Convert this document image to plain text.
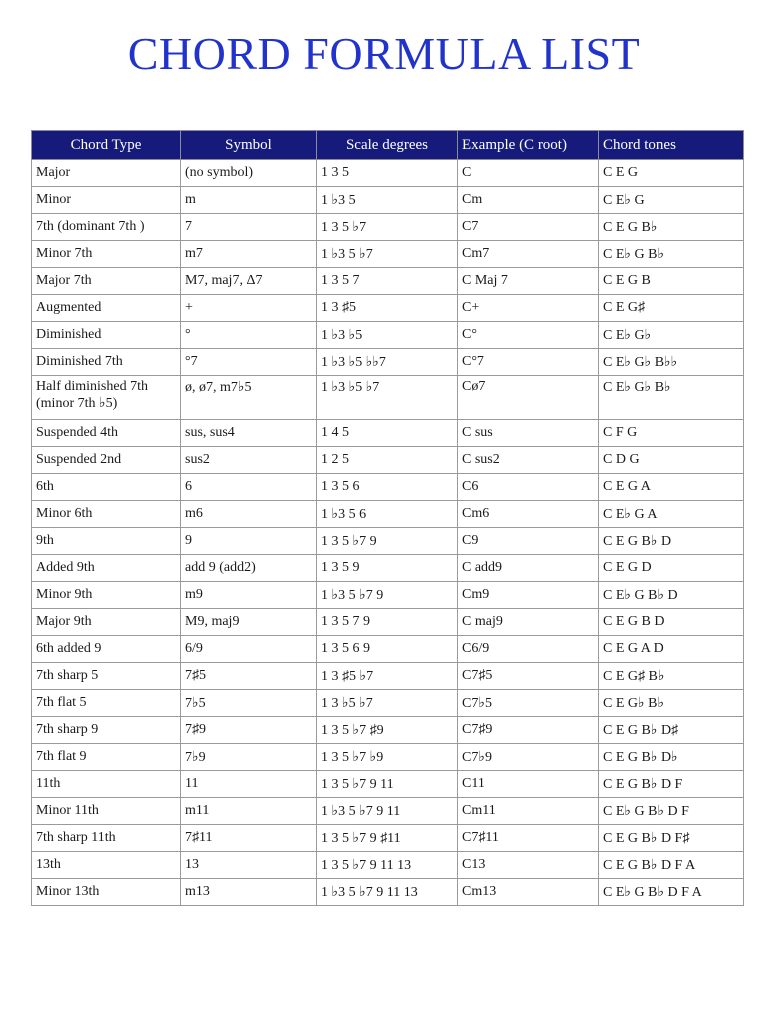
CHORD FORMULA LIST
Chord Type	Symbol	Scale degrees	Example (C root)	Chord tones
Major	(no symbol)	1 3 5	C	C E G
Minor	m	1 ♭3 5	Cm	C E♭ G
7th (dominant 7th )	7	1 3 5 ♭7	C7	C E G B♭
Minor 7th	m7	1 ♭3 5 ♭7	Cm7	C E♭ G B♭
Major 7th	M7, maj7, Δ7	1 3 5 7	C Maj 7	C E G B
Augmented	+	1 3 ♯5	C+	C E G♯
Diminished	°	1 ♭3 ♭5	C°	C E♭ G♭
Diminished 7th	°7	1 ♭3 ♭5 ♭♭7	C°7	C E♭ G♭ B♭♭
Half diminished 7th (minor 7th ♭5)	ø, ø7, m7♭5	1 ♭3 ♭5 ♭7	Cø7	C E♭ G♭ B♭
Suspended 4th	sus, sus4	1 4 5	C sus	C F G
Suspended 2nd	sus2	1 2 5	C sus2	C D G
6th	6	1 3 5 6	C6	C E G A
Minor 6th	m6	1 ♭3 5 6	Cm6	C E♭ G A
9th	9	1 3 5 ♭7 9	C9	C E G B♭ D
Added 9th	add 9 (add2)	1 3 5 9	C add9	C E G D
Minor 9th	m9	1 ♭3 5 ♭7 9	Cm9	C E♭ G B♭ D
Major 9th	M9, maj9	1 3 5 7 9	C maj9	C E G B D
6th added 9	6/9	1 3 5 6 9	C6/9	C E G A D
7th sharp 5	7♯5	1 3 ♯5 ♭7	C7♯5	C E G♯ B♭
7th flat 5	7♭5	1 3 ♭5 ♭7	C7♭5	C E G♭ B♭
7th sharp 9	7♯9	1 3 5 ♭7 ♯9	C7♯9	C E G B♭ D♯
7th flat 9	7♭9	1 3 5 ♭7 ♭9	C7♭9	C E G B♭ D♭
11th	11	1 3 5 ♭7 9 11	C11	C E G B♭ D F
Minor 11th	m11	1 ♭3 5 ♭7 9 11	Cm11	C E♭ G B♭ D F
7th sharp 11th	7♯11	1 3 5 ♭7 9 ♯11	C7♯11	C E G B♭ D F♯
13th	13	1 3 5 ♭7 9 11 13	C13	C E G B♭ D F A
Minor 13th	m13	1 ♭3 5 ♭7 9 11 13	Cm13	C E♭ G B♭ D F A
